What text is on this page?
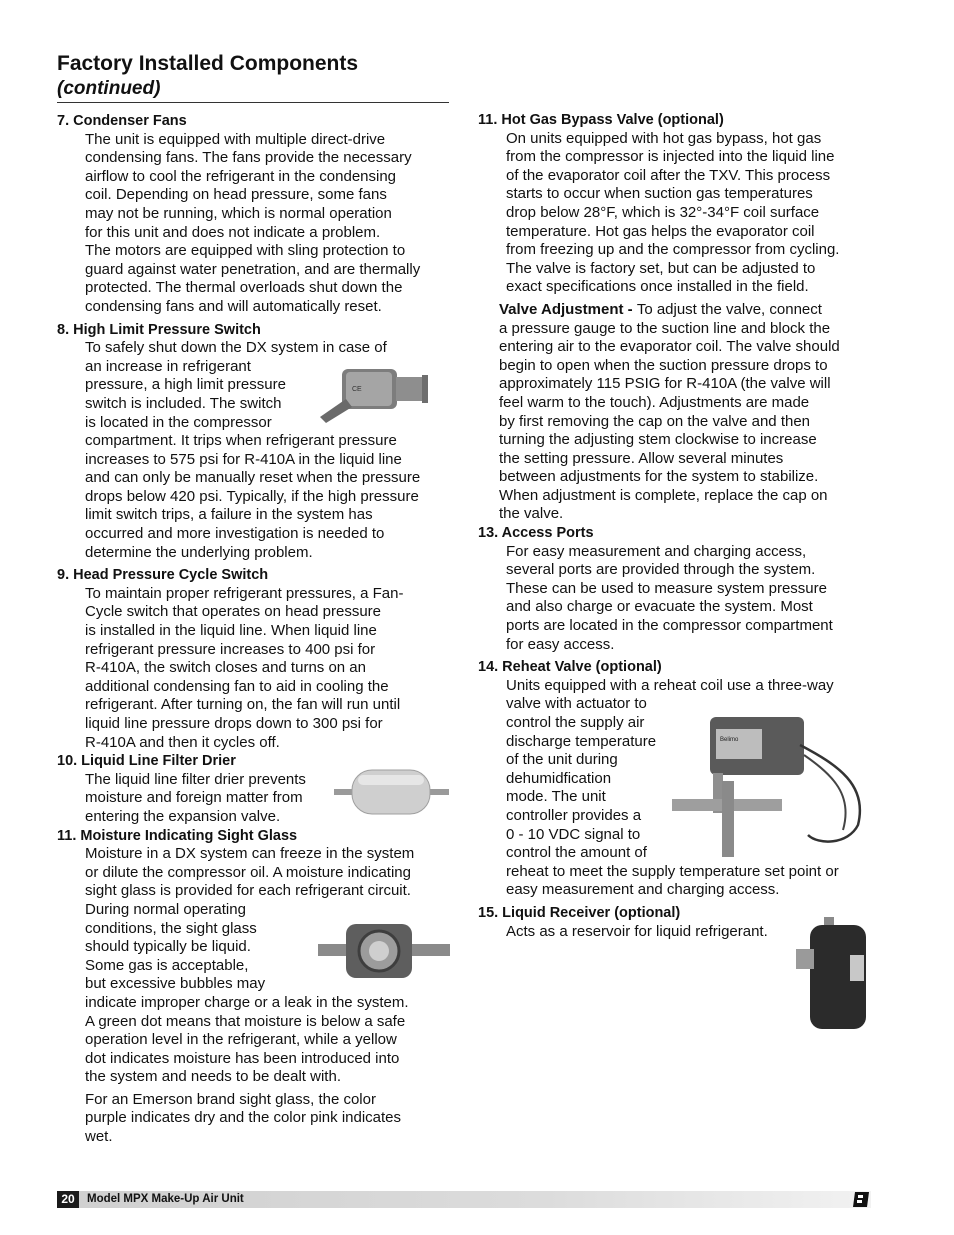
Factory Installed Components
(continued)
7. Condenser Fans
The unit is equipped with multiple direct-drive
condensing fans. The fans provide the necessary
airflow to cool the refrigerant in the condensing
coil. Depending on head pressure, some fans
may not be running, which is normal operation
for this unit and does not indicate a problem.
The motors are equipped with sling protection to
guard against water penetration, and are thermally
protected. The thermal overloads shut down the
condensing fans and will automatically reset.
8. High Limit Pressure Switch
To safely shut down the DX system in case of
an increase in refrigerant
pressure, a high limit pressure
switch is included. The switch
is located in the compressor
compartment. It trips when refrigerant pressure
increases to 575 psi for R-410A in the liquid line
and can only be manually reset when the pressure
drops below 420 psi. Typically, if the high pressure
limit switch trips, a failure in the system has
occurred and more investigation is needed to
determine the underlying problem.
9. Head Pressure Cycle Switch
To maintain proper refrigerant pressures, a Fan-
Cycle switch that operates on head pressure
is installed in the liquid line. When liquid line
refrigerant pressure increases to 400 psi for
R-410A, the switch closes and turns on an
additional condensing fan to aid in cooling the
refrigerant. After turning on, the fan will run until
liquid line pressure drops down to 300 psi for
R-410A and then it cycles off.
10. Liquid Line Filter Drier
The liquid line filter drier prevents
moisture and foreign matter from
entering the expansion valve.
11. Moisture Indicating Sight Glass
Moisture in a DX system can freeze in the system
or dilute the compressor oil. A moisture indicating
sight glass is provided for each refrigerant circuit.
During normal operating
conditions, the sight glass
should typically be liquid.
Some gas is acceptable,
but excessive bubbles may
indicate improper charge or a leak in the system.
A green dot means that moisture is below a safe
operation level in the refrigerant, while a yellow
dot indicates moisture has been introduced into
the system and needs to be dealt with.
For an Emerson brand sight glass, the color
purple indicates dry and the color pink indicates
wet.
11. Hot Gas Bypass Valve (optional)
On units equipped with hot gas bypass, hot gas
from the compressor is injected into the liquid line
of the evaporator coil after the TXV. This process
starts to occur when suction gas temperatures
drop below 28°F, which is 32°-34°F coil surface
temperature. Hot gas helps the evaporator coil
from freezing up and the compressor from cycling.
The valve is factory set, but can be adjusted to
exact specifications once installed in the field.
Valve Adjustment - To adjust the valve, connect
a pressure gauge to the suction line and block the
entering air to the evaporator coil. The valve should
begin to open when the suction pressure drops to
approximately 115 PSIG for R-410A (the valve will
feel warm to the touch). Adjustments are made
by first removing the cap on the valve and then
turning the adjusting stem clockwise to increase
the setting pressure. Allow several minutes
between adjustments for the system to stabilize.
When adjustment is complete, replace the cap on
the valve.
13. Access Ports
For easy measurement and charging access,
several ports are provided through the system.
These can be used to measure system pressure
and also charge or evacuate the system. Most
ports are located in the compressor compartment
for easy access.
14. Reheat Valve (optional)
Units equipped with a reheat coil use a three-way
valve with actuator to
control the supply air
discharge temperature
of the unit during
dehumidfication
mode. The unit
controller provides a
0 - 10 VDC signal to
control the amount of
reheat to meet the supply temperature set point or
easy measurement and charging access.
15. Liquid Receiver (optional)
Acts as a reservoir for liquid refrigerant.
CE
Belimo
20	Model MPX Make-Up Air Unit
